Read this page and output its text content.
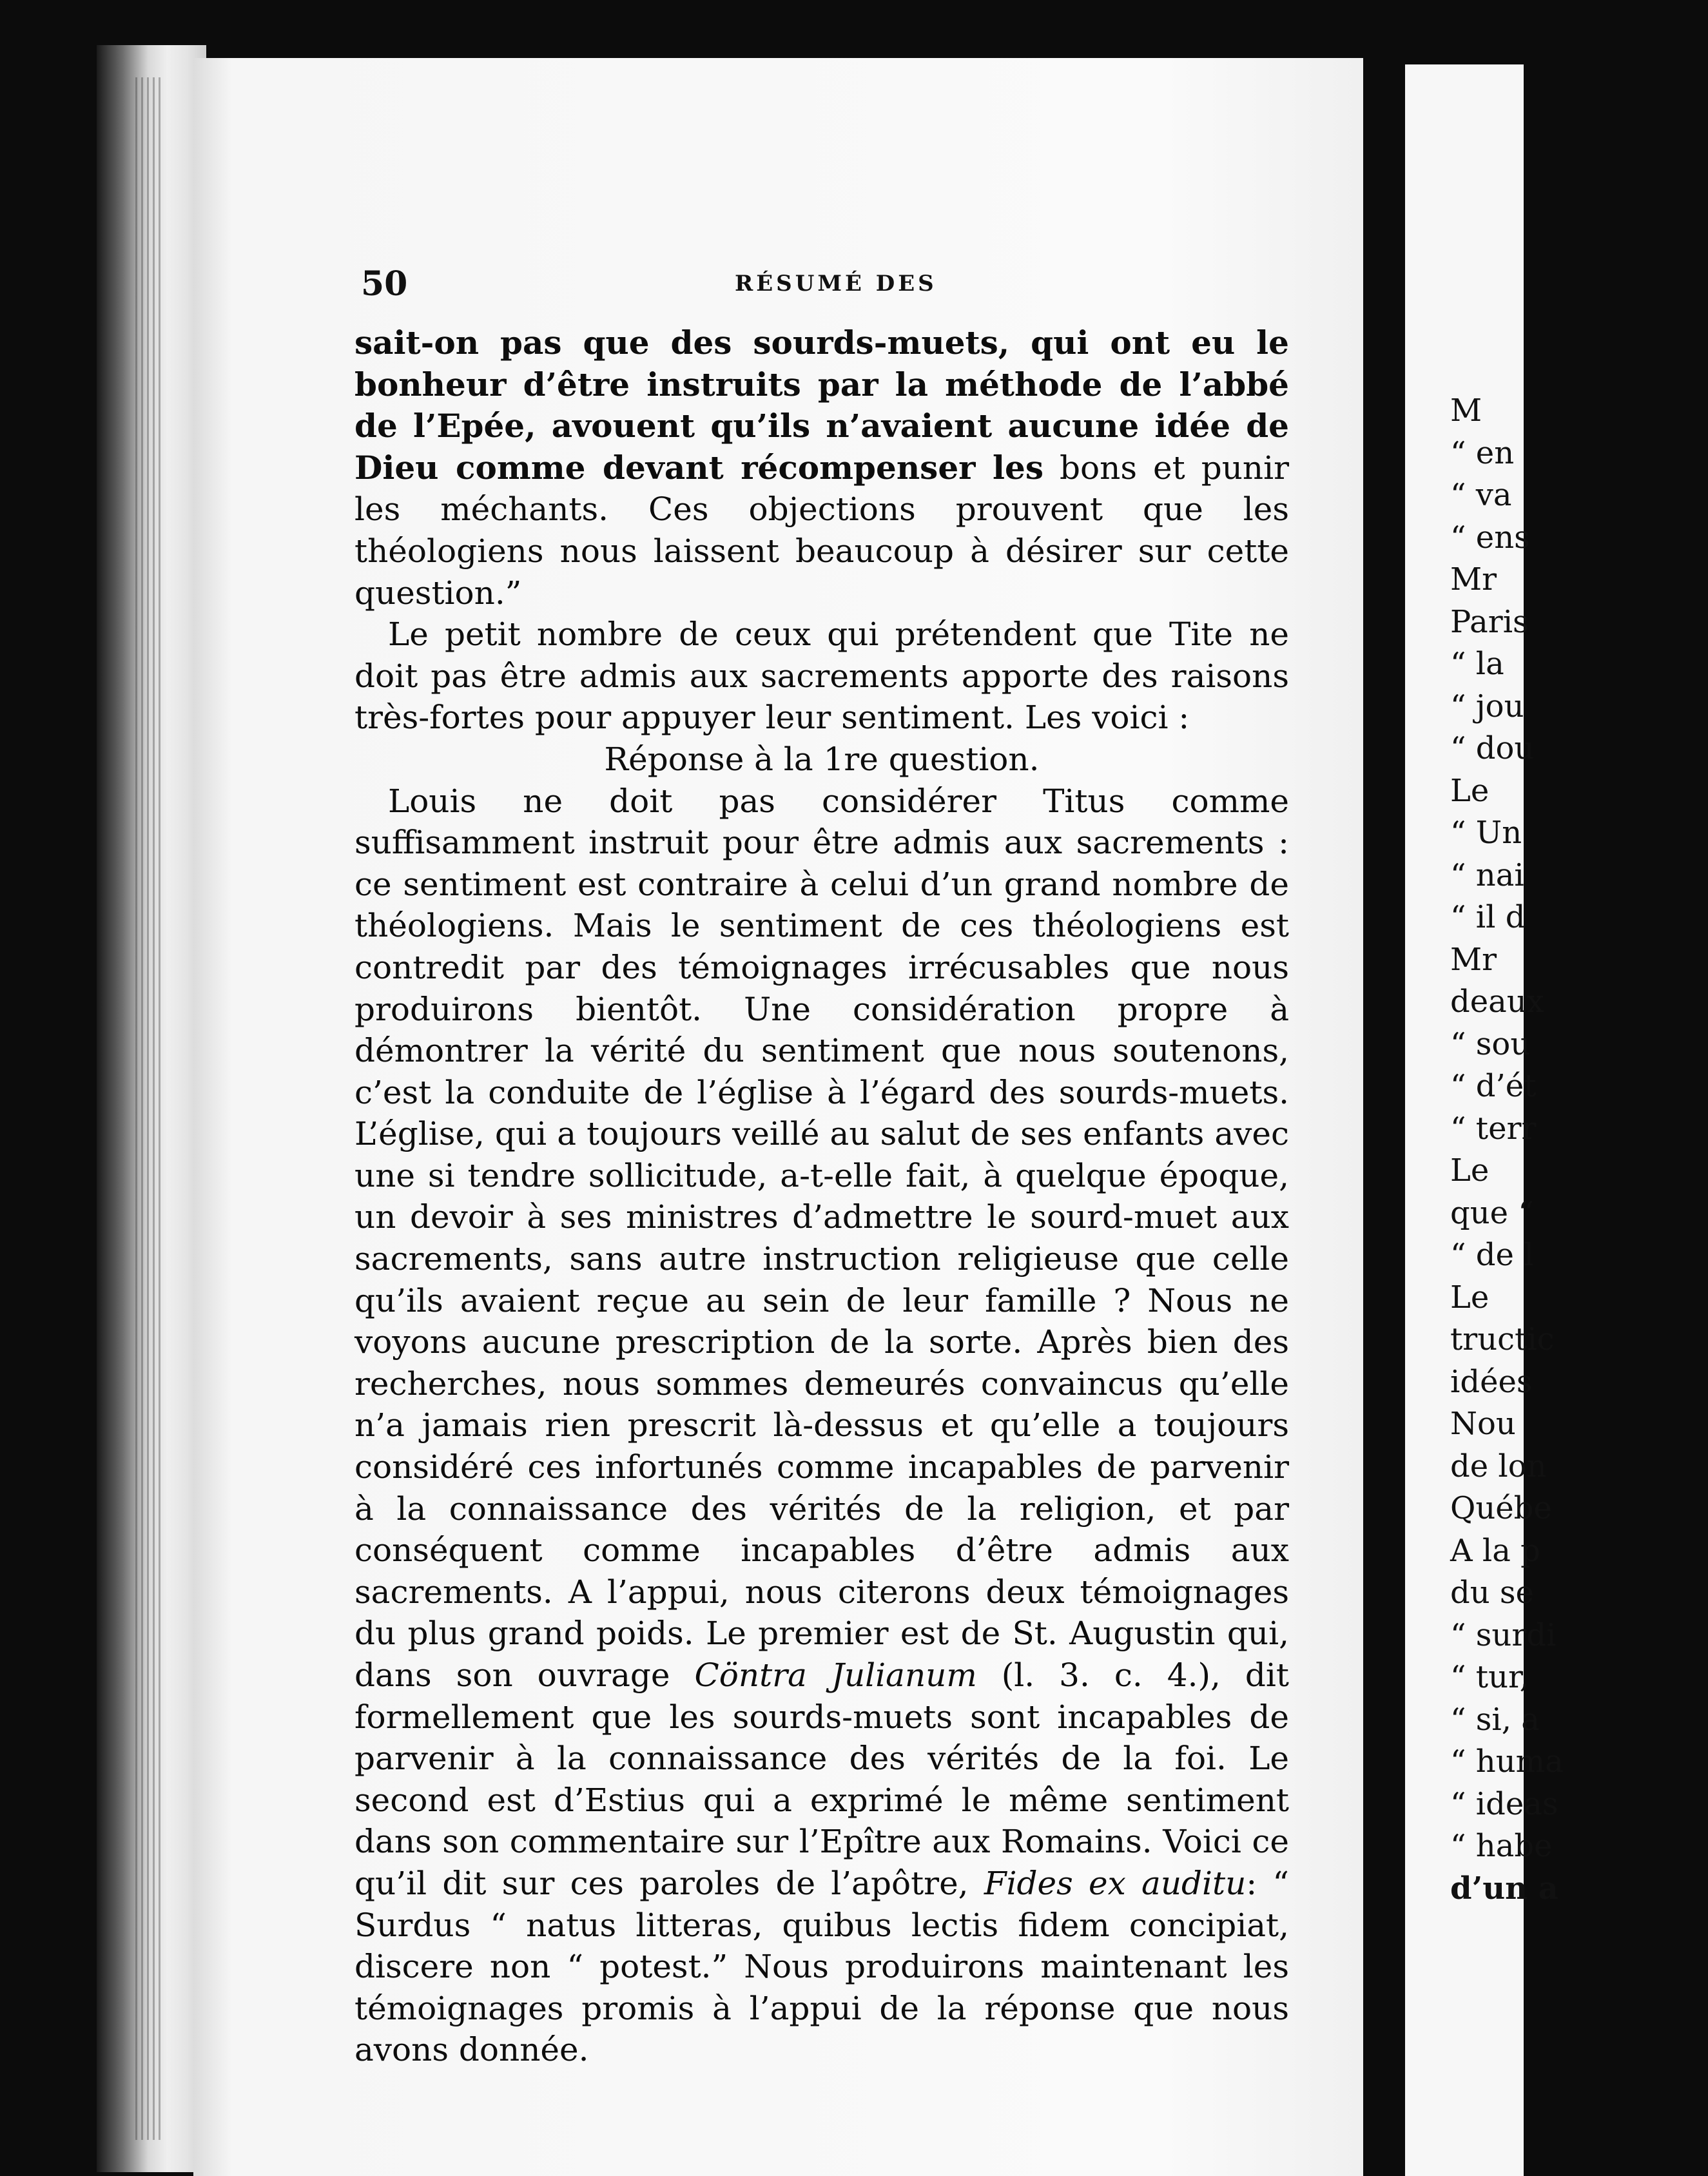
50	RÉSUMÉ DES

sait-on pas que des sourds-muets, qui ont eu le bonheur d’être instruits par la méthode de l’abbé de l’Epée, avouent qu’ils n’avaient aucune idée de Dieu comme devant récompenser les bons et punir les méchants. Ces objections prouvent que les théologiens nous laissent beaucoup à désirer sur cette question.”

Le petit nombre de ceux qui prétendent que Tite ne doit pas être admis aux sacrements apporte des raisons très-fortes pour appuyer leur sentiment. Les voici :

Réponse à la 1re question.

Louis ne doit pas considérer Titus comme suffisamment instruit pour être admis aux sacrements : ce sentiment est contraire à celui d’un grand nombre de théologiens. Mais le sentiment de ces théologiens est contredit par des témoignages irrécusables que nous produirons bientôt. Une considération propre à démontrer la vérité du sentiment que nous soutenons, c’est la conduite de l’église à l’égard des sourds-muets. L’église, qui a toujours veillé au salut de ses enfants avec une si tendre sollicitude, a-t-elle fait, à quelque époque, un devoir à ses ministres d’admettre le sourd-muet aux sacrements, sans autre instruction religieuse que celle qu’ils avaient reçue au sein de leur famille ? Nous ne voyons aucune prescription de la sorte. Après bien des recherches, nous sommes demeurés convaincus qu’elle n’a jamais rien prescrit là-dessus et qu’elle a toujours considéré ces infortunés comme incapables de parvenir à la connaissance des vérités de la religion, et par conséquent comme incapables d’être admis aux sacrements. A l’appui, nous citerons deux témoignages du plus grand poids. Le premier est de St. Augustin qui, dans son ouvrage Cöntra Julianum (l. 3. c. 4.), dit formellement que les sourds-muets sont incapables de parvenir à la connaissance des vérités de la foi. Le second est d’Estius qui a exprimé le même sentiment dans son commentaire sur l’Epître aux Romains. Voici ce qu’il dit sur ces paroles de l’apôtre, Fides ex auditu: “ Surdus “ natus litteras, quibus lectis fidem concipiat, discere non “ potest.” Nous produirons maintenant les témoignages promis à l’appui de la réponse que nous avons donnée.

M
“ en
“ va
“ ens
Mr
Paris
“ la
“ jou
“ dou
Le
“ Un
“ nai
“ il d
Mr
deaux
“ sou
“ d’ét
“ terr
Le
que “
“ de l
Le
tructic
idées
Nou
de lon
Québe
A la p
du se
“ surdi
“ tur,
“ si, a
“ huma
“ ideas
“ habe
d’un a
